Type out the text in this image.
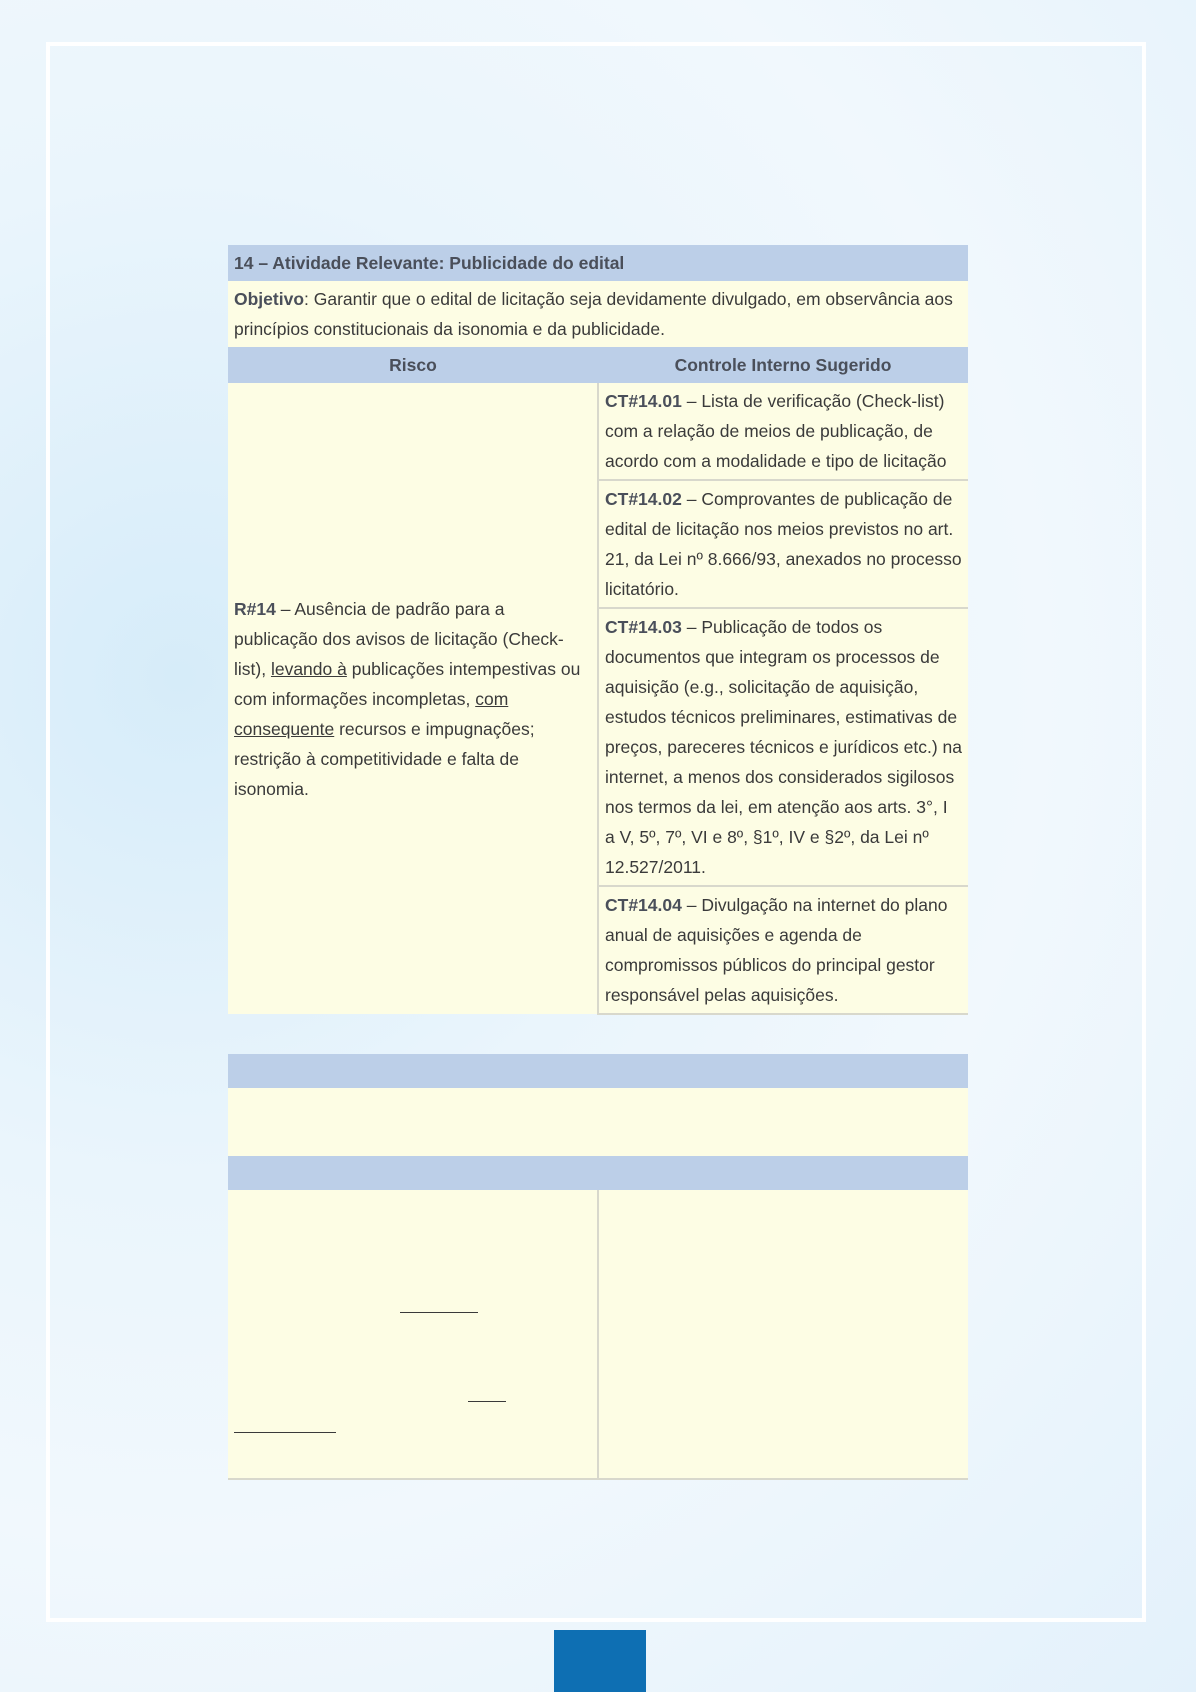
14 – Atividade Relevante: Publicidade do edital	
Objetivo: Garantir que o edital de licitação seja devidamente divulgado, em observância aos princípios constitucionais da isonomia e da publicidade.	
Risco	Controle Interno Sugerido
R#14 – Ausência de padrão para a publicação dos avisos de licitação (Check-list), levando à publicações intempestivas ou com informações incompletas, com consequente recursos e impugnações; restrição à competitividade e falta de isonomia.	CT#14.01 – Lista de verificação (Check-list) com a relação de meios de publicação, de acordo com a modalidade e tipo de licitação
	CT#14.02 – Comprovantes de publicação de edital de licitação nos meios previstos no art. 21, da Lei nº 8.666/93, anexados no processo licitatório.
	CT#14.03 – Publicação de todos os documentos que integram os processos de aquisição (e.g., solicitação de aquisição, estudos técnicos preliminares, estimativas de preços, pareceres técnicos e jurídicos etc.) na internet, a menos dos considerados sigilosos nos termos da lei, em atenção aos arts. 3°, I a V, 5º, 7º, VI e 8º, §1º, IV e §2º, da Lei nº 12.527/2011.
	CT#14.04 – Divulgação na internet do plano anual de aquisições e agenda de compromissos públicos do principal gestor responsável pelas aquisições.
